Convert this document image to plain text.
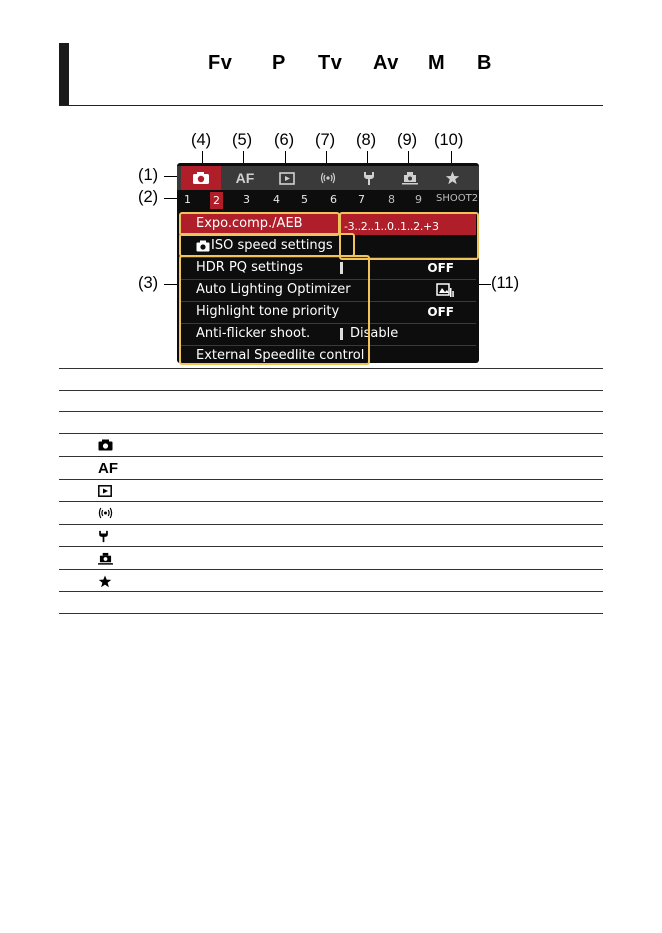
Fv P Tv Av M B
(4) (5) (6) (7) (8) (9) (10)
(1)
(2)
(3)	(11)
AF
1 2 3 4 5 6 7 8 9 SHOOT2
Expo.comp./AEB	-3..2..1..0..1..2.+3
ISO speed settings
HDR PQ settings	OFF
Auto Lighting Optimizer
Highlight tone priority	OFF
Anti-flicker shoot.	Disable
External Speedlite control
AF
